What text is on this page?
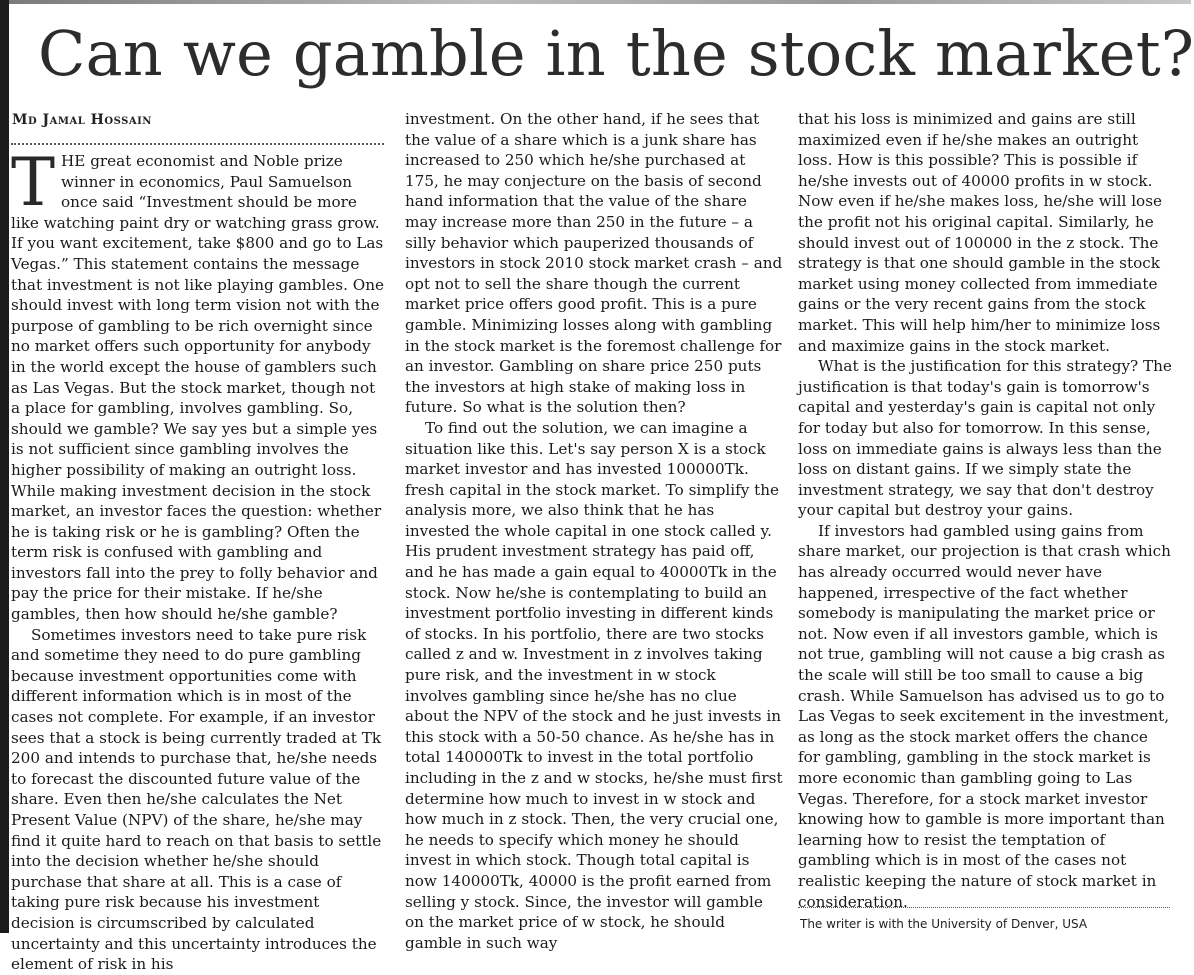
Can we gamble in the stock market?
Md Jamal Hossain

THE great economist and Noble prize winner in economics, Paul Samuelson once said “Investment should be more like watching paint dry or watching grass grow. If you want excitement, take $800 and go to Las Vegas.” This statement contains the message that investment is not like playing gambles. One should invest with long term vision not with the purpose of gambling to be rich overnight since no market offers such opportunity for anybody in the world except the house of gamblers such as Las Vegas. But the stock market, though not a place for gambling, involves gambling. So, should we gamble? We say yes but a simple yes is not sufficient since gambling involves the higher possibility of making an outright loss. While making investment decision in the stock market, an investor faces the question: whether he is taking risk or he is gambling? Often the term risk is confused with gambling and investors fall into the prey to folly behavior and pay the price for their mistake. If he/she gambles, then how should he/she gamble?

Sometimes investors need to take pure risk and sometime they need to do pure gambling because investment opportunities come with different information which is in most of the cases not complete. For example, if an investor sees that a stock is being currently traded at Tk 200 and intends to purchase that, he/she needs to forecast the discounted future value of the share. Even then he/she calculates the Net Present Value (NPV) of the share, he/she may find it quite hard to reach on that basis to settle into the decision whether he/she should purchase that share at all. This is a case of taking pure risk because his investment decision is circumscribed by calculated uncertainty and this uncertainty introduces the element of risk in his

investment. On the other hand, if he sees that the value of a share which is a junk share has increased to 250 which he/she purchased at 175, he may conjecture on the basis of second hand information that the value of the share may increase more than 250 in the future – a silly behavior which pauperized thousands of investors in stock 2010 stock market crash – and opt not to sell the share though the current market price offers good profit. This is a pure gamble. Minimizing losses along with gambling in the stock market is the foremost challenge for an investor. Gambling on share price 250 puts the investors at high stake of making loss in future. So what is the solution then?

To find out the solution, we can imagine a situation like this. Let's say person X is a stock market investor and has invested 100000Tk. fresh capital in the stock market. To simplify the analysis more, we also think that he has invested the whole capital in one stock called y. His prudent investment strategy has paid off, and he has made a gain equal to 40000Tk in the stock. Now he/she is contemplating to build an investment portfolio investing in different kinds of stocks. In his portfolio, there are two stocks called z and w. Investment in z involves taking pure risk, and the investment in w stock involves gambling since he/she has no clue about the NPV of the stock and he just invests in this stock with a 50-50 chance. As he/she has in total 140000Tk to invest in the total portfolio including in the z and w stocks, he/she must first determine how much to invest in w stock and how much in z stock. Then, the very crucial one, he needs to specify which money he should invest in which stock. Though total capital is now 140000Tk, 40000 is the profit earned from selling y stock. Since, the investor will gamble on the market price of w stock, he should gamble in such way

that his loss is minimized and gains are still maximized even if he/she makes an outright loss. How is this possible? This is possible if he/she invests out of 40000 profits in w stock. Now even if he/she makes loss, he/she will lose the profit not his original capital. Similarly, he should invest out of 100000 in the z stock. The strategy is that one should gamble in the stock market using money collected from immediate gains or the very recent gains from the stock market. This will help him/her to minimize loss and maximize gains in the stock market.

What is the justification for this strategy? The justification is that today's gain is tomorrow's capital and yesterday's gain is capital not only for today but also for tomorrow. In this sense, loss on immediate gains is always less than the loss on distant gains. If we simply state the investment strategy, we say that don't destroy your capital but destroy your gains.

If investors had gambled using gains from share market, our projection is that crash which has already occurred would never have happened, irrespective of the fact whether somebody is manipulating the market price or not. Now even if all investors gamble, which is not true, gambling will not cause a big crash as the scale will still be too small to cause a big crash. While Samuelson has advised us to go to Las Vegas to seek excitement in the investment, as long as the stock market offers the chance for gambling, gambling in the stock market is more economic than gambling going to Las Vegas. Therefore, for a stock market investor knowing how to gamble is more important than learning how to resist the temptation of gambling which is in most of the cases not realistic keeping the nature of stock market in consideration.

The writer is with the University of Denver, USA
